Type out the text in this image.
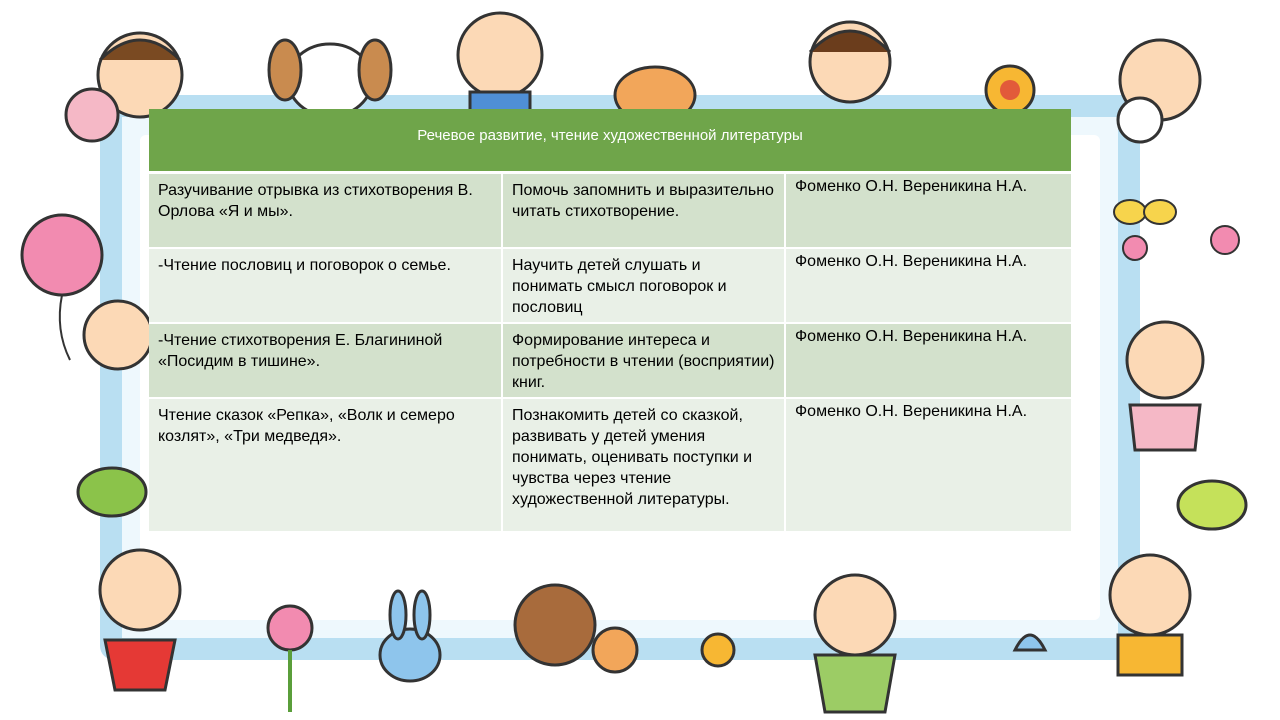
Речевое развитие, чтение художественной литературы		
Разучивание отрывка из стихотворения В. Орлова «Я и мы».	Помочь запомнить и выразительно читать стихотворение.	Фоменко О.Н. Вереникина Н.А.
-Чтение пословиц и поговорок о семье.	Научить детей слушать и понимать смысл поговорок и пословиц	Фоменко О.Н. Вереникина Н.А.
-Чтение стихотворения Е. Благининой «Посидим в тишине».	Формирование интереса и потребности в чтении (восприятии) книг.	Фоменко О.Н. Вереникина Н.А.
Чтение сказок «Репка», «Волк и семеро козлят», «Три медведя».	Познакомить детей со сказкой, развивать у детей умения понимать, оценивать поступки и чувства через чтение художественной литературы.	Фоменко О.Н. Вереникина Н.А.
